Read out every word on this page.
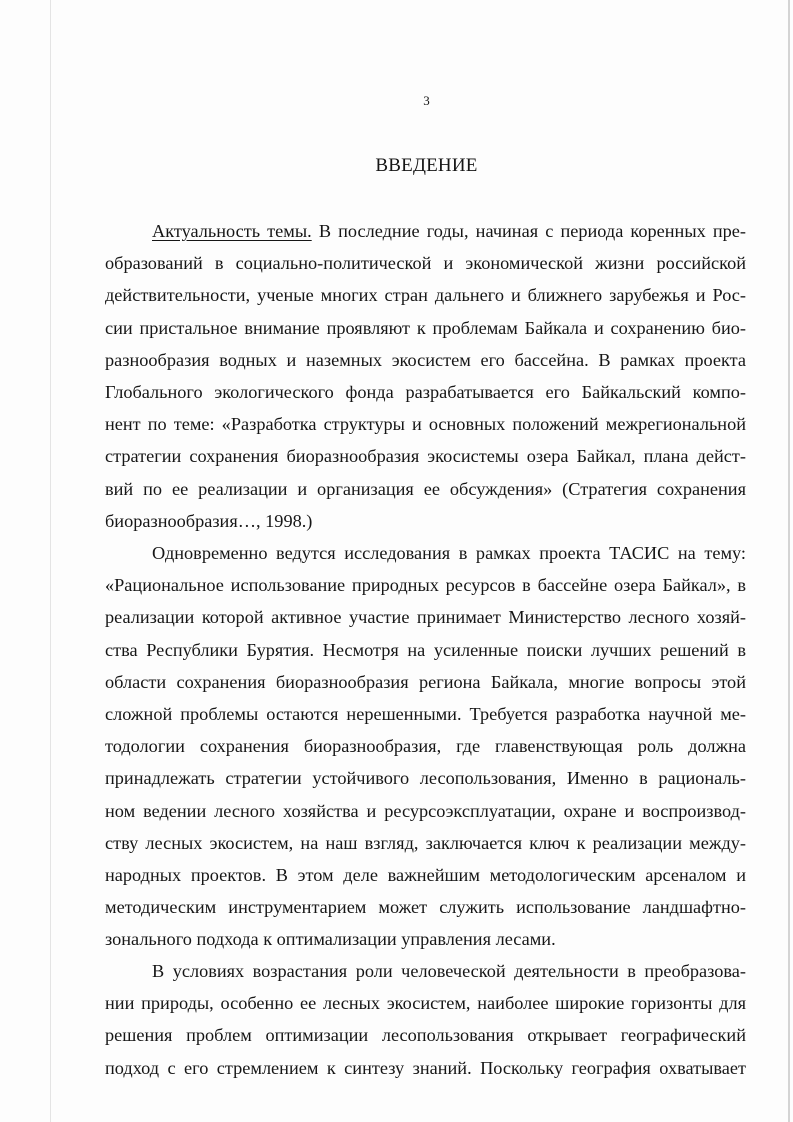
3
ВВЕДЕНИЕ
Актуальность темы. В последние годы, начиная с периода коренных пре-
образований в социально-политической и экономической жизни российской
действительности, ученые многих стран дальнего и ближнего зарубежья и Рос-
сии пристальное внимание проявляют к проблемам Байкала и сохранению био-
разнообразия водных и наземных экосистем его бассейна. В рамках проекта
Глобального экологического фонда разрабатывается его Байкальский компо-
нент по теме: «Разработка структуры и основных положений межрегиональной
стратегии сохранения биоразнообразия экосистемы озера Байкал, плана дейст-
вий по ее реализации и организация ее обсуждения» (Стратегия сохранения
биоразнообразия…, 1998.)
Одновременно ведутся исследования в рамках проекта ТАСИС на тему:
«Рациональное использование природных ресурсов в бассейне озера Байкал», в
реализации которой активное участие принимает Министерство лесного хозяй-
ства Республики Бурятия. Несмотря на усиленные поиски лучших решений в
области сохранения биоразнообразия региона Байкала, многие вопросы этой
сложной проблемы остаются нерешенными. Требуется разработка научной ме-
тодологии сохранения биоразнообразия, где главенствующая роль должна
принадлежать стратегии устойчивого лесопользования, Именно в рациональ-
ном ведении лесного хозяйства и ресурсоэксплуатации, охране и воспроизвод-
ству лесных экосистем, на наш взгляд, заключается ключ к реализации между-
народных проектов. В этом деле важнейшим методологическим арсеналом и
методическим инструментарием может служить использование ландшафтно-
зонального подхода к оптимализации управления лесами.
В условиях возрастания роли человеческой деятельности в преобразова-
нии природы, особенно ее лесных экосистем, наиболее широкие горизонты для
решения проблем оптимизации лесопользования открывает географический
подход с его стремлением к синтезу знаний. Поскольку география охватывает
